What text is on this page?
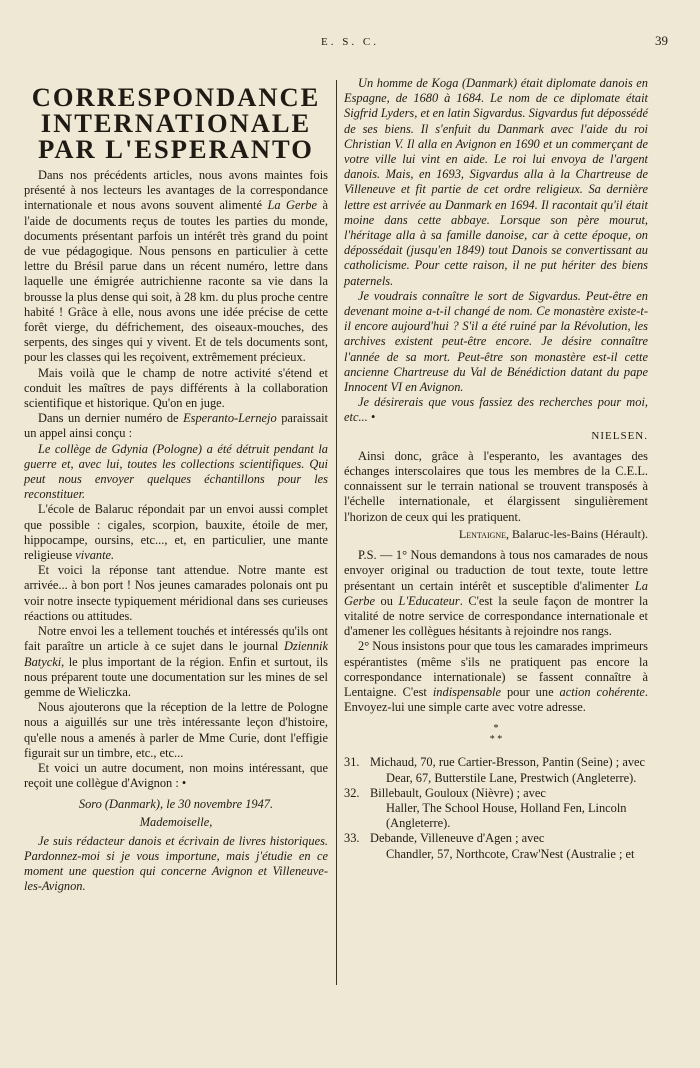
E. S. C.	39
CORRESPONDANCE
INTERNATIONALE
PAR L'ESPERANTO

Dans nos précédents articles, nous avons maintes fois présenté à nos lecteurs les avantages de la correspondance internationale et nous avons souvent alimenté La Gerbe à l'aide de documents reçus de toutes les parties du monde, documents présentant parfois un intérêt très grand du point de vue pédagogique. Nous pensons en particulier à cette lettre du Brésil parue dans un récent numéro, lettre dans laquelle une émigrée autrichienne raconte sa vie dans la brousse la plus dense qui soit, à 28 km. du plus proche centre habité ! Grâce à elle, nous avons une idée précise de cette forêt vierge, du défrichement, des oiseaux-mouches, des serpents, des singes qui y vivent. Et de tels documents sont, pour les classes qui les reçoivent, extrêmement précieux.

Mais voilà que le champ de notre activité s'étend et conduit les maîtres de pays différents à la collaboration scientifique et historique. Qu'on en juge.

Dans un dernier numéro de Esperanto-Lernejo paraissait un appel ainsi conçu :

Le collège de Gdynia (Pologne) a été détruit pendant la guerre et, avec lui, toutes les collections scientifiques. Qui peut nous envoyer quelques échantillons pour les reconstituer.

L'école de Balaruc répondait par un envoi aussi complet que possible : cigales, scorpion, bauxite, étoile de mer, hippocampe, oursins, etc..., et, en particulier, une mante religieuse vivante.

Et voici la réponse tant attendue. Notre mante est arrivée... à bon port ! Nos jeunes camarades polonais ont pu voir notre insecte typiquement méridional dans ses curieuses réactions ou attitudes.

Notre envoi les a tellement touchés et intéressés qu'ils ont fait paraître un article à ce sujet dans le journal Dziennik Batycki, le plus important de la région. Enfin et surtout, ils nous préparent toute une documentation sur les mines de sel gemme de Wieliczka.

Nous ajouterons que la réception de la lettre de Pologne nous a aiguillés sur une très intéressante leçon d'histoire, qu'elle nous a amenés à parler de Mme Curie, dont l'effigie figurait sur un timbre, etc., etc...

Et voici un autre document, non moins intéressant, que reçoit une collègue d'Avignon : •

Soro (Danmark), le 30 novembre 1947.

Mademoiselle,

Je suis rédacteur danois et écrivain de livres historiques. Pardonnez-moi si je vous importune, mais j'étudie en ce moment une question qui concerne Avignon et Villeneuve-les-Avignon.

Un homme de Koga (Danmark) était diplomate danois en Espagne, de 1680 à 1684. Le nom de ce diplomate était Sigfrid Lyders, et en latin Sigvardus. Sigvardus fut dépossédé de ses biens. Il s'enfuit du Danmark avec l'aide du roi Christian V. Il alla en Avignon en 1690 et un commerçant de votre ville lui vint en aide. Le roi lui envoya de l'argent danois. Mais, en 1693, Sigvardus alla à la Chartreuse de Villeneuve et fit partie de cet ordre religieux. Sa dernière lettre est arrivée au Danmark en 1694. Il racontait qu'il était moine dans cette abbaye. Lorsque son père mourut, l'héritage alla à sa famille danoise, car à cette époque, on dépossédait (jusqu'en 1849) tout Danois se convertissant au catholicisme. Pour cette raison, il ne put hériter des biens paternels.

Je voudrais connaître le sort de Sigvardus. Peut-être en devenant moine a-t-il changé de nom. Ce monastère existe-t-il encore aujourd'hui ? S'il a été ruiné par la Révolution, les archives existent peut-être encore. Je désire connaître l'année de sa mort. Peut-être son monastère est-il cette ancienne Chartreuse du Val de Bénédiction datant du pape Innocent VI en Avignon.

Je désirerais que vous fassiez des recherches pour moi, etc... •

NIELSEN.

Ainsi donc, grâce à l'esperanto, les avantages des échanges interscolaires que tous les membres de la C.E.L. connaissent sur le terrain national se trouvent transposés à l'échelle internationale, et élargissent singulièrement l'horizon de ceux qui les pratiquent.

Lentaigne, Balaruc-les-Bains (Hérault).

P.S. — 1° Nous demandons à tous nos camarades de nous envoyer original ou traduction de tout texte, toute lettre présentant un certain intérêt et susceptible d'alimenter La Gerbe ou L'Educateur. C'est la seule façon de montrer la vitalité de notre service de correspondance internationale et d'amener les collègues hésitants à rejoindre nos rangs.

2° Nous insistons pour que tous les camarades imprimeurs espérantistes (même s'ils ne pratiquent pas encore la correspondance internationale) se fassent connaître à Lentaigne. C'est indispensable pour une action cohérente. Envoyez-lui une simple carte avec votre adresse.

*
* *
31. Michaud, 70, rue Cartier-Bresson, Pantin (Seine) ; avec
Dear, 67, Butterstile Lane, Prestwich (Angleterre).
32. Billebault, Gouloux (Nièvre) ; avec
Haller, The School House, Holland Fen, Lincoln (Angleterre).
33. Debande, Villeneuve d'Agen ; avec
Chandler, 57, Northcote, Craw'Nest (Australie ; et
